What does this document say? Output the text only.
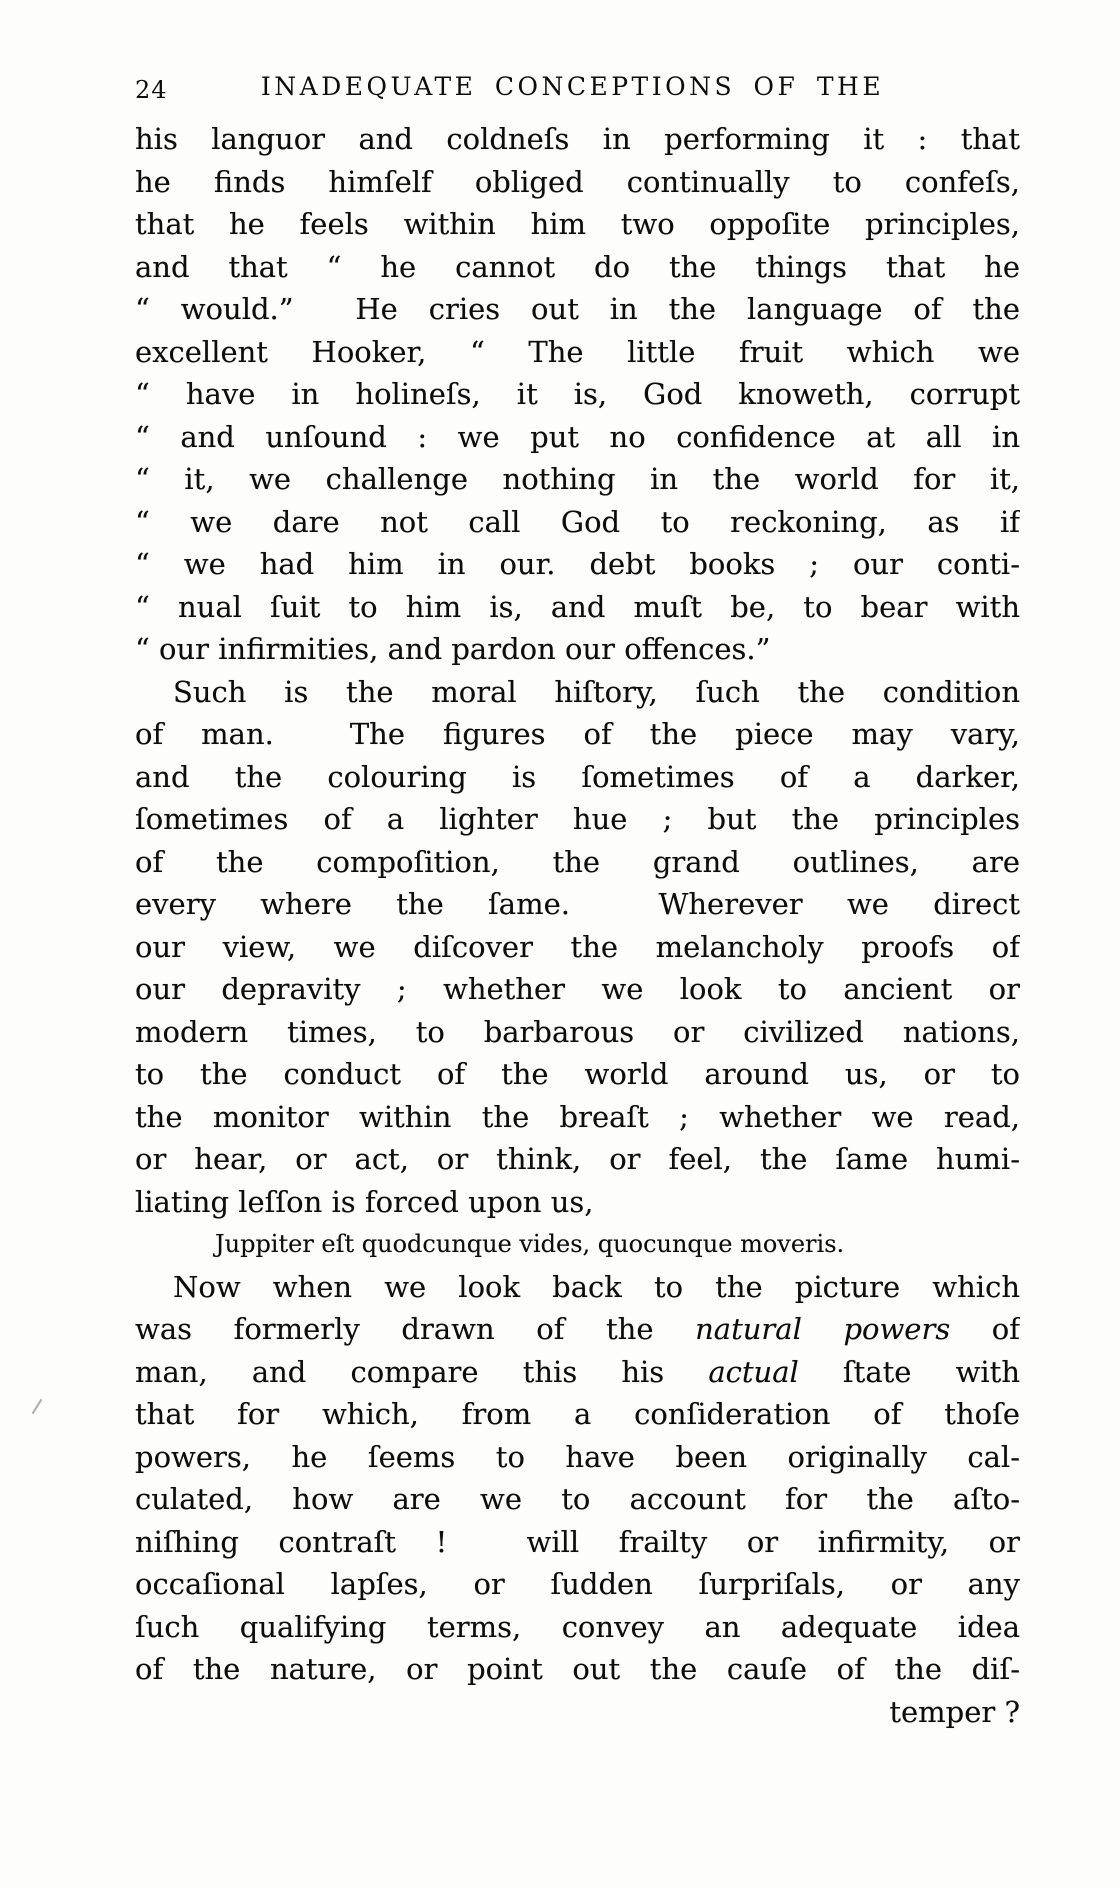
24	INADEQUATE CONCEPTIONS OF THE
his languor and coldneſs in performing it : that
he finds himſelf obliged continually to confeſs,
that he feels within him two oppoſite principles,
and that “ he cannot do the things that he
“ would.”  He cries out in the language of the
excellent Hooker, “ The little fruit which we
“ have in holineſs, it is, God knoweth, corrupt
“ and unſound : we put no confidence at all in
“ it, we challenge nothing in the world for it,
“ we dare not call God to reckoning, as if
“ we had him in our. debt books ; our conti-
“ nual ſuit to him is, and muſt be, to bear with
“ our infirmities, and pardon our offences.”
Such is the moral hiſtory, ſuch the condition
of man.  The figures of the piece may vary,
and the colouring is ſometimes of a darker,
ſometimes of a lighter hue ; but the principles
of the compoſition, the grand outlines, are
every where the ſame.  Wherever we direct
our view, we diſcover the melancholy proofs of
our depravity ; whether we look to ancient or
modern times, to barbarous or civilized nations,
to the conduct of the world around us, or to
the monitor within the breaſt ; whether we read,
or hear, or act, or think, or feel, the ſame humi-
liating leſſon is forced upon us,
Juppiter eſt quodcunque vides, quocunque moveris.
Now when we look back to the picture which
was formerly drawn of the natural powers of
man, and compare this his actual ſtate with
that for which, from a conſideration of thoſe
powers, he ſeems to have been originally cal-
culated, how are we to account for the aſto-
niſhing contraſt !  will frailty or infirmity, or
occaſional lapſes, or ſudden ſurpriſals, or any
ſuch qualifying terms, convey an adequate idea
of the nature, or point out the cauſe of the diſ-
temper ?
